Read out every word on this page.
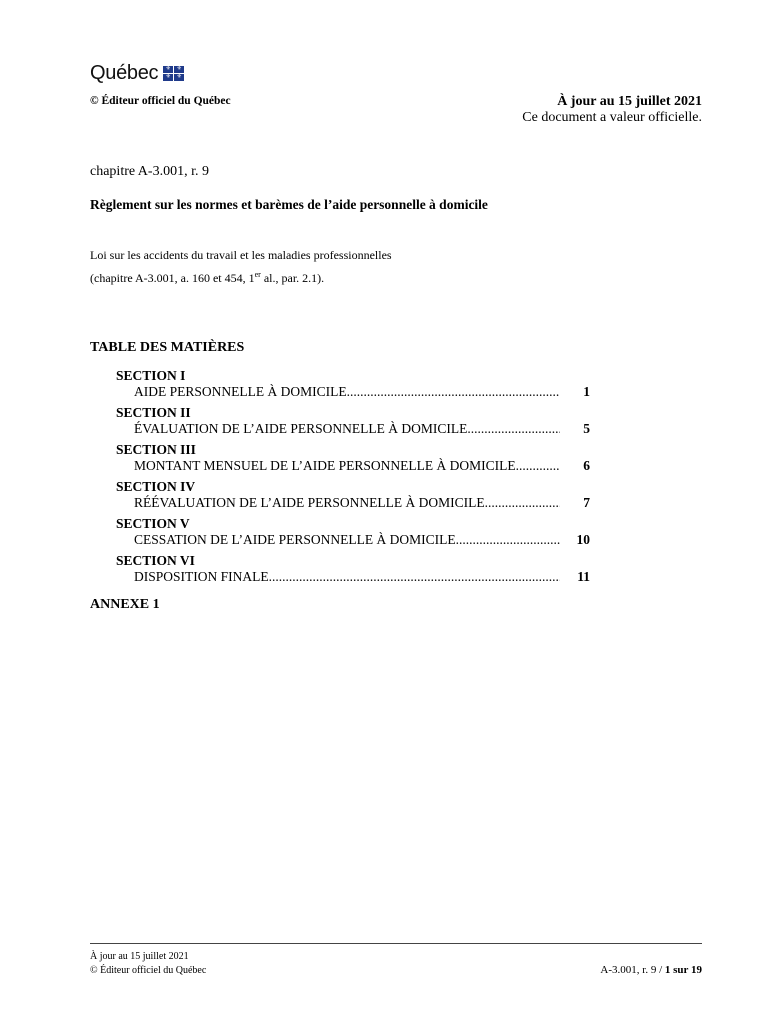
Québec	⚜ ⚜
⚜ ⚜
© Éditeur officiel du Québec	À jour au 15 juillet 2021
Ce document a valeur officielle.
chapitre A-3.001, r. 9
Règlement sur les normes et barèmes de l’aide personnelle à domicile
Loi sur les accidents du travail et les maladies professionnelles
(chapitre A-3.001, a. 160 et 454, 1er al., par. 2.1).
TABLE DES MATIÈRES
SECTION I
AIDE PERSONNELLE À DOMICILE .....	1
SECTION II
ÉVALUATION DE L’AIDE PERSONNELLE À DOMICILE .....	5
SECTION III
MONTANT MENSUEL DE L’AIDE PERSONNELLE À DOMICILE .....	6
SECTION IV
RÉÉVALUATION DE L’AIDE PERSONNELLE À DOMICILE .....	7
SECTION V
CESSATION DE L’AIDE PERSONNELLE À DOMICILE .....	10
SECTION VI
DISPOSITION FINALE .....	11
ANNEXE 1
À jour au 15 juillet 2021
© Éditeur officiel du Québec	A-3.001, r. 9 / 1 sur 19
